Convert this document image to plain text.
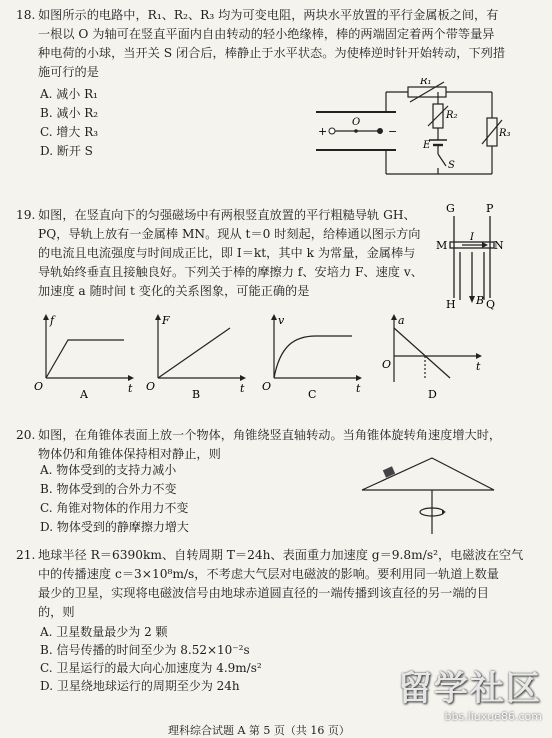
18. 如图所示的电路中，R₁、R₂、R₃ 均为可变电阻，两块水平放置的平行金属板之间，有
一根以 O 为轴可在竖直平面内自由转动的轻小绝缘棒，棒的两端固定着两个带等量异
种电荷的小球，当开关 S 闭合后，棒静止于水平状态。为使棒逆时针开始转动，下列措
施可行的是
A. 减小 R₁
B. 减小 R₂
C. 增大 R₃
D. 断开 S
+	−
O
R₁
R₂
E
S
R₃
19. 如图，在竖直向下的匀强磁场中有两根竖直放置的平行粗糙导轨 GH、
PQ，导轨上放有一金属棒 MN。现从 t＝0 时刻起，给棒通以图示方向
的电流且电流强度与时间成正比，即 I＝kt，其中 k 为常量，金属棒与
导轨始终垂直且接触良好。下列关于棒的摩擦力 f、安培力 F、速度 v、
加速度 a 随时间 t 变化的关系图象，可能正确的是
G	P
M	N
I
B
H	Q
f
t
O
A
F
t
O
B
v
t
O
C
a
t
O
D
20. 如图，在角锥体表面上放一个物体，角锥绕竖直轴转动。当角锥体旋转角速度增大时，
物体仍和角锥体保持相对静止，则
A. 物体受到的支持力减小
B. 物体受到的合外力不变
C. 角锥对物体的作用力不变
D. 物体受到的静摩擦力增大
21. 地球半径 R＝6390km、自转周期 T＝24h、表面重力加速度 g＝9.8m/s²，电磁波在空气
中的传播速度 c＝3×10⁸m/s，不考虑大气层对电磁波的影响。要利用同一轨道上数量
最少的卫星，实现将电磁波信号由地球赤道圆直径的一端传播到该直径的另一端的目
的，则
A. 卫星数量最少为 2 颗
B. 信号传播的时间至少为 8.52×10⁻²s
C. 卫星运行的最大向心加速度为 4.9m/s²
D. 卫星绕地球运行的周期至少为 24h	留学社区
bbs.liuxue86.com
理科综合试题 A 第 5 页（共 16 页）
